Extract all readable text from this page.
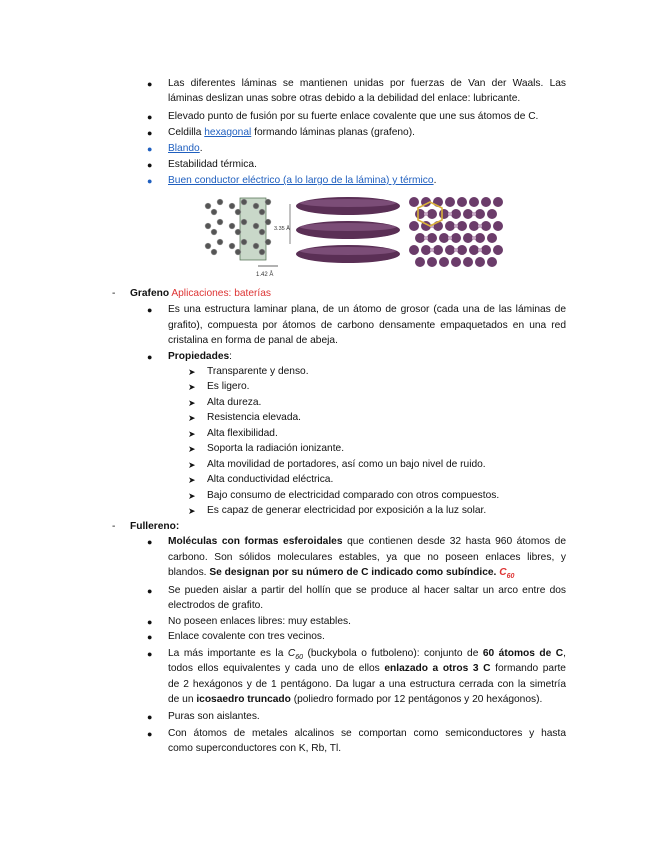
● Las diferentes láminas se mantienen unidas por fuerzas de Van der Waals. Las
láminas deslizan unas sobre otras debido a la debilidad del enlace: lubricante.
● Elevado punto de fusión por su fuerte enlace covalente que une sus átomos de C.
● Celdilla hexagonal formando láminas planas (grafeno).
● Blando.
● Estabilidad térmica.
● Buen conductor eléctrico (a lo largo de la lámina) y térmico.
1.42 Å
3.35 Å
- Grafeno Aplicaciones: baterías
● Es una estructura laminar plana, de un átomo de grosor (cada una de las láminas de
grafito), compuesta por átomos de carbono densamente empaquetados en una red
cristalina en forma de panal de abeja.
● Propiedades:
➤ Transparente y denso.
➤ Es ligero.
➤ Alta dureza.
➤ Resistencia elevada.
➤ Alta flexibilidad.
➤ Soporta la radiación ionizante.
➤ Alta movilidad de portadores, así como un bajo nivel de ruido.
➤ Alta conductividad eléctrica.
➤ Bajo consumo de electricidad comparado con otros compuestos.
➤ Es capaz de generar electricidad por exposición a la luz solar.
- Fullereno:
● Moléculas con formas esferoidales que contienen desde 32 hasta 960 átomos de
carbono. Son sólidos moleculares estables, ya que no poseen enlaces libres, y
blandos. Se designan por su número de C indicado como subíndice. $C_{60}$
● Se pueden aislar a partir del hollín que se produce al hacer saltar un arco entre dos
electrodos de grafito.
● No poseen enlaces libres: muy estables.
● Enlace covalente con tres vecinos.
● La más importante es la $C_{60}$ (buckybola o futboleno): conjunto de 60 átomos de C,
todos ellos equivalentes y cada uno de ellos enlazado a otros 3 C formando parte
de 2 hexágonos y de 1 pentágono. Da lugar a una estructura cerrada con la simetría
de un icosaedro truncado (poliedro formado por 12 pentágonos y 20 hexágonos).
● Puras son aislantes.
● Con átomos de metales alcalinos se comportan como semiconductores y hasta
como superconductores con K, Rb, Tl.
